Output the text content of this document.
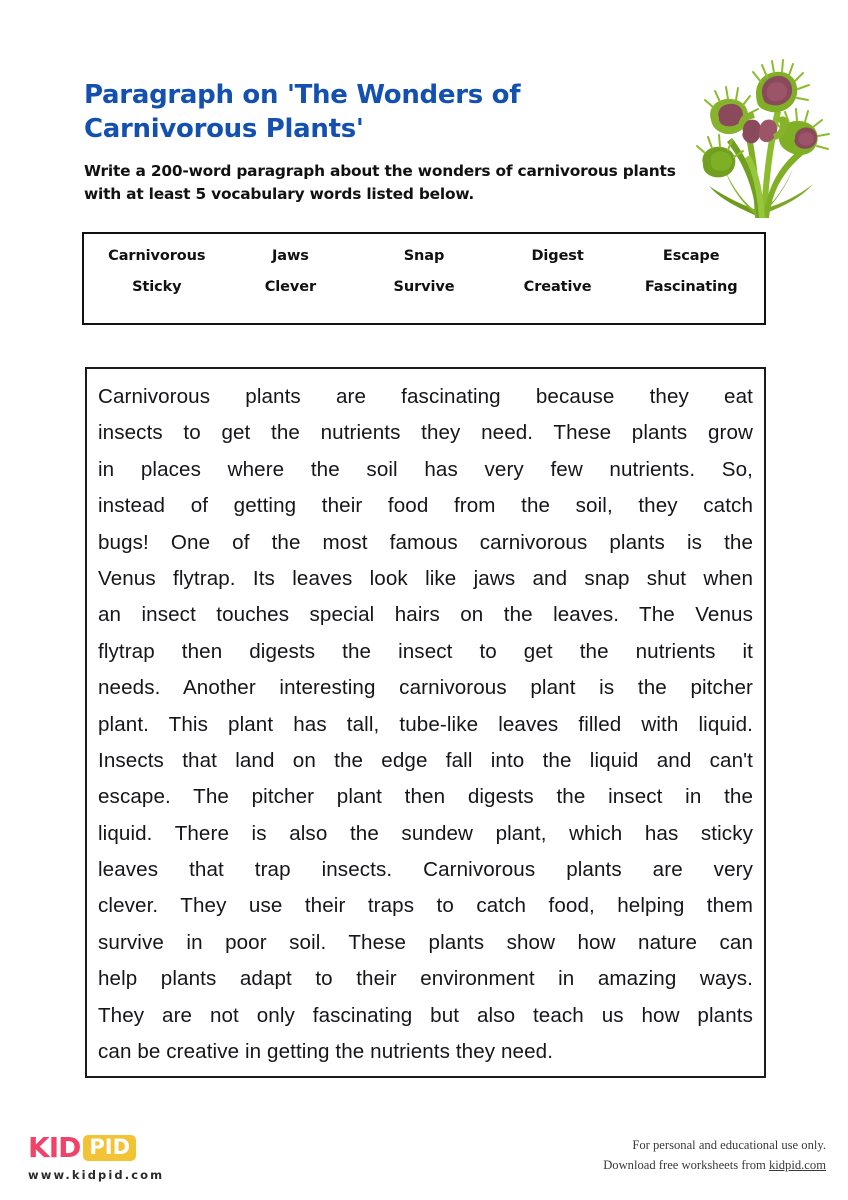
Paragraph on 'The Wonders of Carnivorous Plants'
Write a 200-word paragraph about the wonders of carnivorous plants with at least 5 vocabulary words listed below.
Carnivorous	Jaws	Snap	Digest	Escape
Sticky	Clever	Survive	Creative	Fascinating
Carnivorous plants are fascinating because they eat
insects to get the nutrients they need. These plants grow
in places where the soil has very few nutrients. So,
instead of getting their food from the soil, they catch
bugs! One of the most famous carnivorous plants is the
Venus flytrap. Its leaves look like jaws and snap shut when
an insect touches special hairs on the leaves. The Venus
flytrap then digests the insect to get the nutrients it
needs. Another interesting carnivorous plant is the pitcher
plant. This plant has tall, tube-like leaves filled with liquid.
Insects that land on the edge fall into the liquid and can't
escape. The pitcher plant then digests the insect in the
liquid. There is also the sundew plant, which has sticky
leaves that trap insects. Carnivorous plants are very
clever. They use their traps to catch food, helping them
survive in poor soil. These plants show how nature can
help plants adapt to their environment in amazing ways.
They are not only fascinating but also teach us how plants
can be creative in getting the nutrients they need.
KID PID
www.kidpid.com
For personal and educational use only.
Download free worksheets from kidpid.com
